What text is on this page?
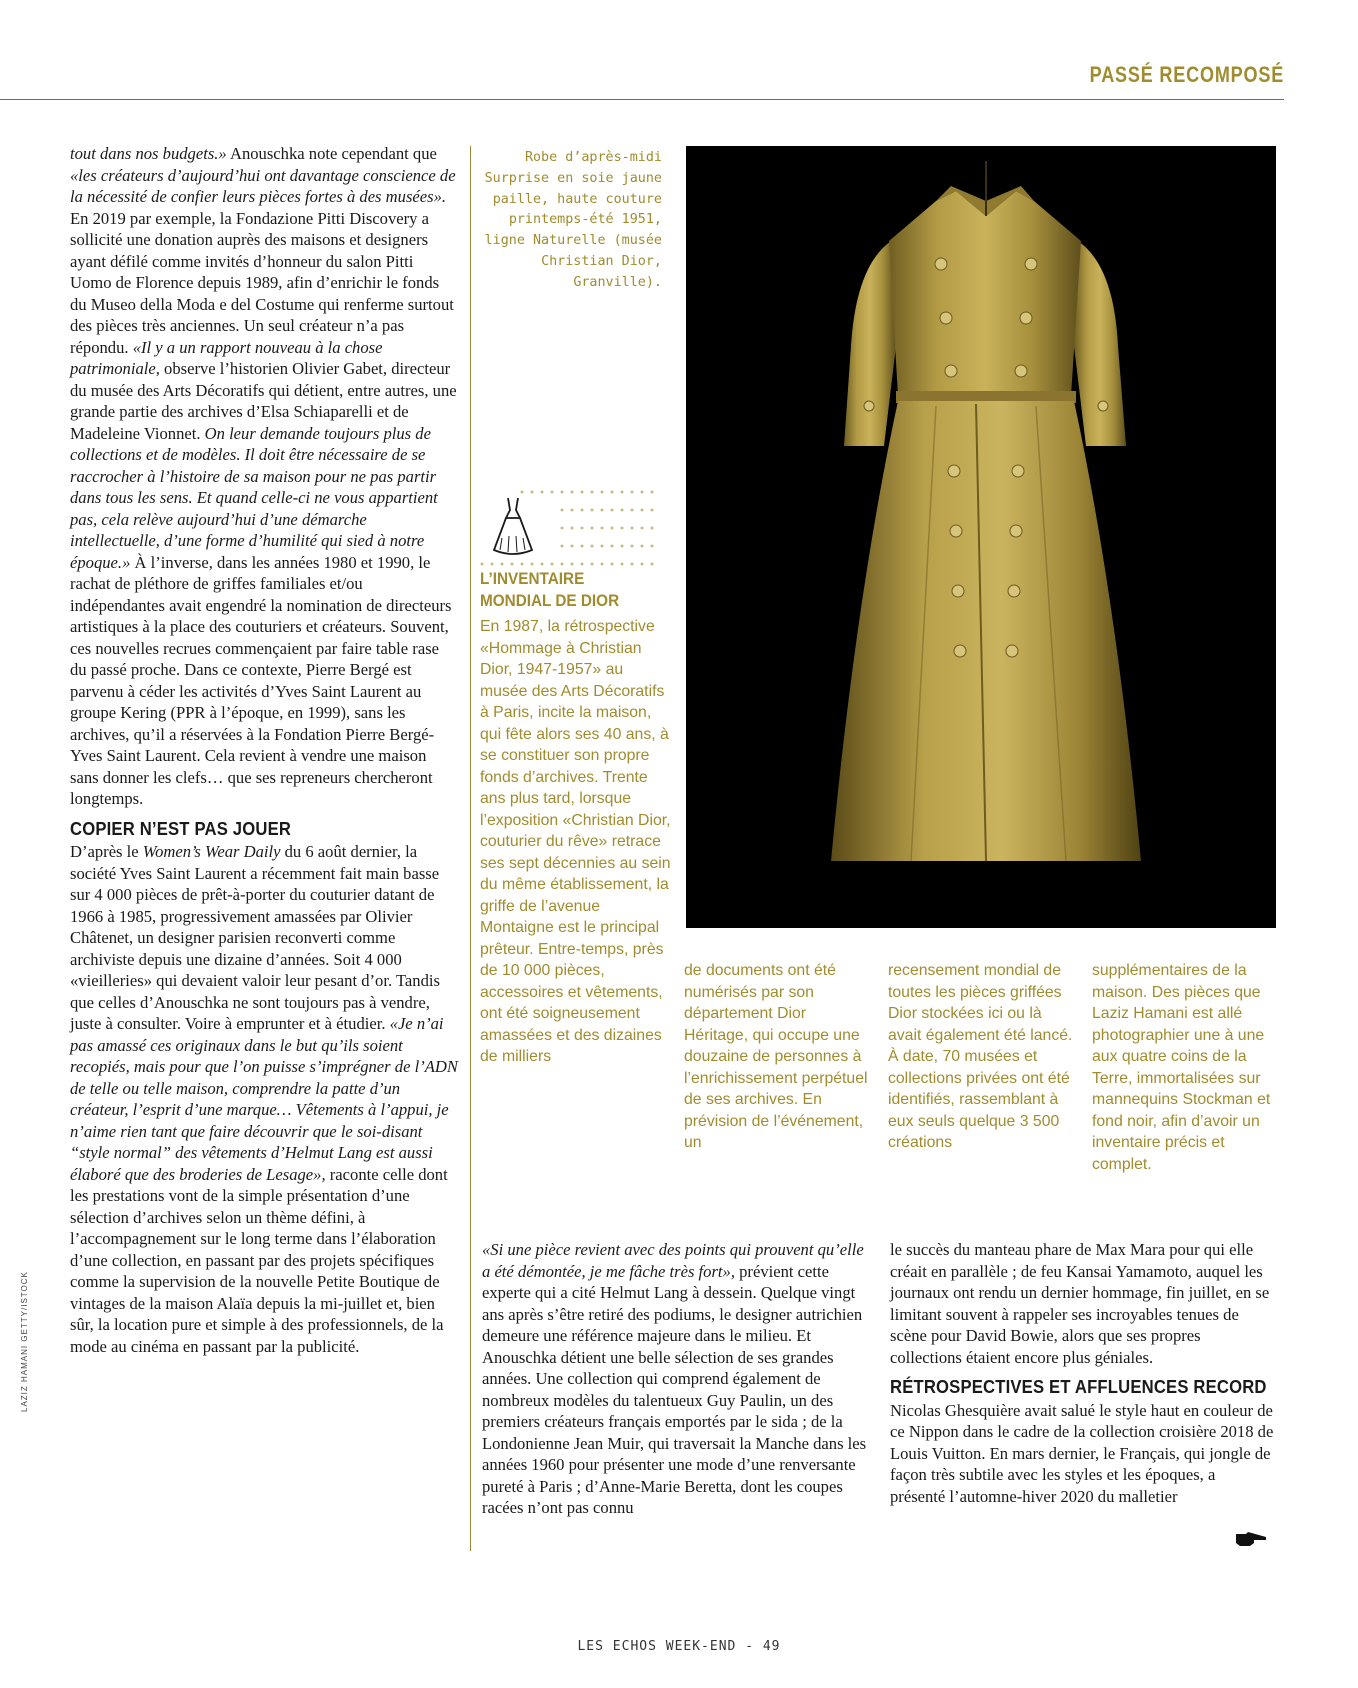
PASSÉ RECOMPOSÉ

tout dans nos budgets.» Anouschka note cependant que «les créateurs d’aujourd’hui ont davantage conscience de la nécessité de confier leurs pièces fortes à des musées». En 2019 par exemple, la Fondazione Pitti Discovery a sollicité une donation auprès des maisons et designers ayant défilé comme invités d’honneur du salon Pitti Uomo de Florence depuis 1989, afin d’enrichir le fonds du Museo della Moda e del Costume qui renferme surtout des pièces très anciennes. Un seul créateur n’a pas répondu. «Il y a un rapport nouveau à la chose patrimoniale, observe l’historien Olivier Gabet, directeur du musée des Arts Décoratifs qui détient, entre autres, une grande partie des archives d’Elsa Schiaparelli et de Madeleine Vionnet. On leur demande toujours plus de collections et de modèles. Il doit être nécessaire de se raccrocher à l’histoire de sa maison pour ne pas partir dans tous les sens. Et quand celle-ci ne vous appartient pas, cela relève aujourd’hui d’une démarche intellectuelle, d’une forme d’humilité qui sied à notre époque.» À l’inverse, dans les années 1980 et 1990, le rachat de pléthore de griffes familiales et/ou indépendantes avait engendré la nomination de directeurs artistiques à la place des couturiers et créateurs. Souvent, ces nouvelles recrues commençaient par faire table rase du passé proche. Dans ce contexte, Pierre Bergé est parvenu à céder les activités d’Yves Saint Laurent au groupe Kering (PPR à l’époque, en 1999), sans les archives, qu’il a réservées à la Fondation Pierre Bergé-Yves Saint Laurent. Cela revient à vendre une maison sans donner les clefs… que ses repreneurs chercheront longtemps.

COPIER N’EST PAS JOUER

D’après le Women’s Wear Daily du 6 août dernier, la société Yves Saint Laurent a récemment fait main basse sur 4 000 pièces de prêt-à-porter du couturier datant de 1966 à 1985, progressivement amassées par Olivier Châtenet, un designer parisien reconverti comme archiviste depuis une dizaine d’années. Soit 4 000 «vieilleries» qui devaient valoir leur pesant d’or. Tandis que celles d’Anouschka ne sont toujours pas à vendre, juste à consulter. Voire à emprunter et à étudier. «Je n’ai pas amassé ces originaux dans le but qu’ils soient recopiés, mais pour que l’on puisse s’imprégner de l’ADN de telle ou telle maison, comprendre la patte d’un créateur, l’esprit d’une marque… Vêtements à l’appui, je n’aime rien tant que faire découvrir que le soi-disant “style normal” des vêtements d’Helmut Lang est aussi élaboré que des broderies de Lesage», raconte celle dont les prestations vont de la simple présentation d’une sélection d’archives selon un thème défini, à l’accompagnement sur le long terme dans l’élaboration d’une collection, en passant par des projets spécifiques comme la supervision de la nouvelle Petite Boutique de vintages de la maison Alaïa depuis la mi-juillet et, bien sûr, la location pure et simple à des professionnels, de la mode au cinéma en passant par la publicité.

Robe d’après-midi Surprise en soie jaune paille, haute couture printemps-été 1951, ligne Naturelle (musée Christian Dior, Granville).
L’INVENTAIRE
MONDIAL DE DIOR
En 1987, la rétrospective «Hommage à Christian Dior, 1947-1957» au musée des Arts Décoratifs à Paris, incite la maison, qui fête alors ses 40 ans, à se constituer son propre fonds d’archives. Trente ans plus tard, lorsque l’exposition «Christian Dior, couturier du rêve» retrace ses sept décennies au sein du même établissement, la griffe de l’avenue Montaigne est le principal prêteur. Entre-temps, près de 10 000 pièces, accessoires et vêtements, ont été soigneusement amassées et des dizaines de milliers
de documents ont été numérisés par son département Dior Héritage, qui occupe une douzaine de personnes à l’enrichissement perpétuel de ses archives. En prévision de l’événement, un
recensement mondial de toutes les pièces griffées Dior stockées ici ou là avait également été lancé. À date, 70 musées et collections privées ont été identifiés, rassemblant à eux seuls quelque 3 500 créations
supplémentaires de la maison. Des pièces que Laziz Hamani est allé photographier une à une aux quatre coins de la Terre, immortalisées sur mannequins Stockman et fond noir, afin d’avoir un inventaire précis et complet.

«Si une pièce revient avec des points qui prouvent qu’elle a été démontée, je me fâche très fort», prévient cette experte qui a cité Helmut Lang à dessein. Quelque vingt ans après s’être retiré des podiums, le designer autrichien demeure une référence majeure dans le milieu. Et Anouschka détient une belle sélection de ses grandes années. Une collection qui comprend également de nombreux modèles du talentueux Guy Paulin, un des premiers créateurs français emportés par le sida ; de la Londonienne Jean Muir, qui traversait la Manche dans les années 1960 pour présenter une mode d’une renversante pureté à Paris ; d’Anne-Marie Beretta, dont les coupes racées n’ont pas connu

le succès du manteau phare de Max Mara pour qui elle créait en parallèle ; de feu Kansai Yamamoto, auquel les journaux ont rendu un dernier hommage, fin juillet, en se limitant souvent à rappeler ses incroyables tenues de scène pour David Bowie, alors que ses propres collections étaient encore plus géniales.

RÉTROSPECTIVES ET AFFLUENCES RECORD

Nicolas Ghesquière avait salué le style haut en couleur de ce Nippon dans le cadre de la collection croisière 2018 de Louis Vuitton. En mars dernier, le Français, qui jongle de façon très subtile avec les styles et les époques, a présenté l’automne-hiver 2020 du malletier

LAZIZ HAMANI GETTY/ISTOCK
LES ECHOS WEEK-END - 49
